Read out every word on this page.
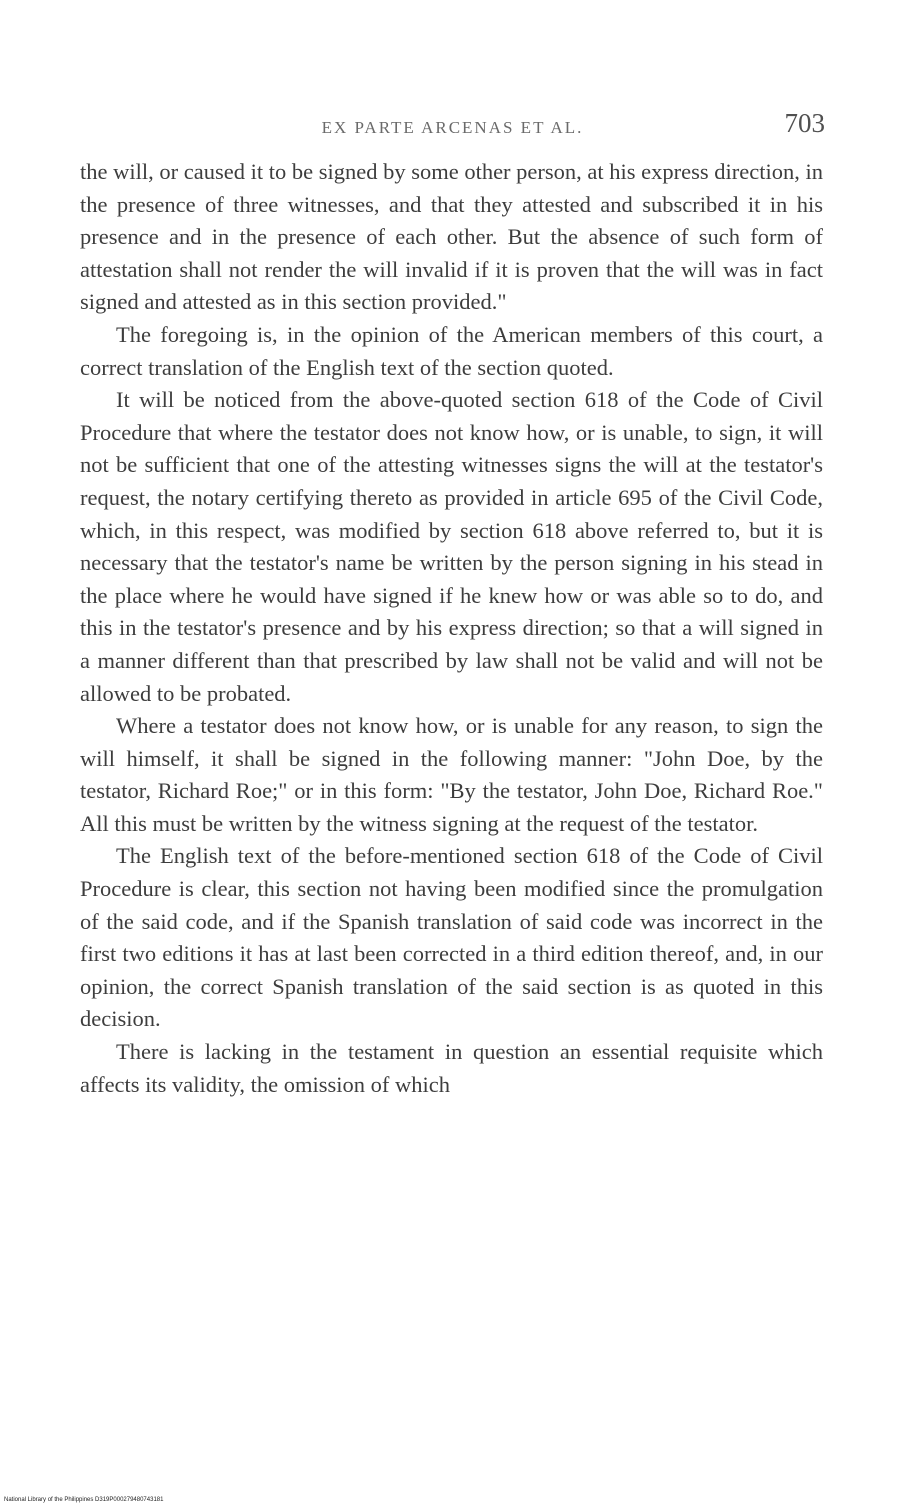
EX PARTE ARCENAS ET AL.	703

the will, or caused it to be signed by some other person, at his express direction, in the presence of three witnesses, and that they attested and subscribed it in his presence and in the presence of each other. But the absence of such form of attestation shall not render the will invalid if it is proven that the will was in fact signed and attested as in this section provided."

The foregoing is, in the opinion of the American members of this court, a correct translation of the English text of the section quoted.

It will be noticed from the above-quoted section 618 of the Code of Civil Procedure that where the testator does not know how, or is unable, to sign, it will not be sufficient that one of the attesting witnesses signs the will at the testator's request, the notary certifying thereto as provided in article 695 of the Civil Code, which, in this respect, was modified by section 618 above referred to, but it is necessary that the testator's name be written by the person signing in his stead in the place where he would have signed if he knew how or was able so to do, and this in the testator's presence and by his express direction; so that a will signed in a manner different than that prescribed by law shall not be valid and will not be allowed to be probated.

Where a testator does not know how, or is unable for any reason, to sign the will himself, it shall be signed in the following manner: "John Doe, by the testator, Richard Roe;" or in this form: "By the testator, John Doe, Richard Roe." All this must be written by the witness signing at the request of the testator.

The English text of the before-mentioned section 618 of the Code of Civil Procedure is clear, this section not having been modified since the promulgation of the said code, and if the Spanish translation of said code was incorrect in the first two editions it has at last been corrected in a third edition thereof, and, in our opinion, the correct Spanish translation of the said section is as quoted in this decision.

There is lacking in the testament in question an essential requisite which affects its validity, the omission of which

National Library of the Philippines D319P000279480743181
